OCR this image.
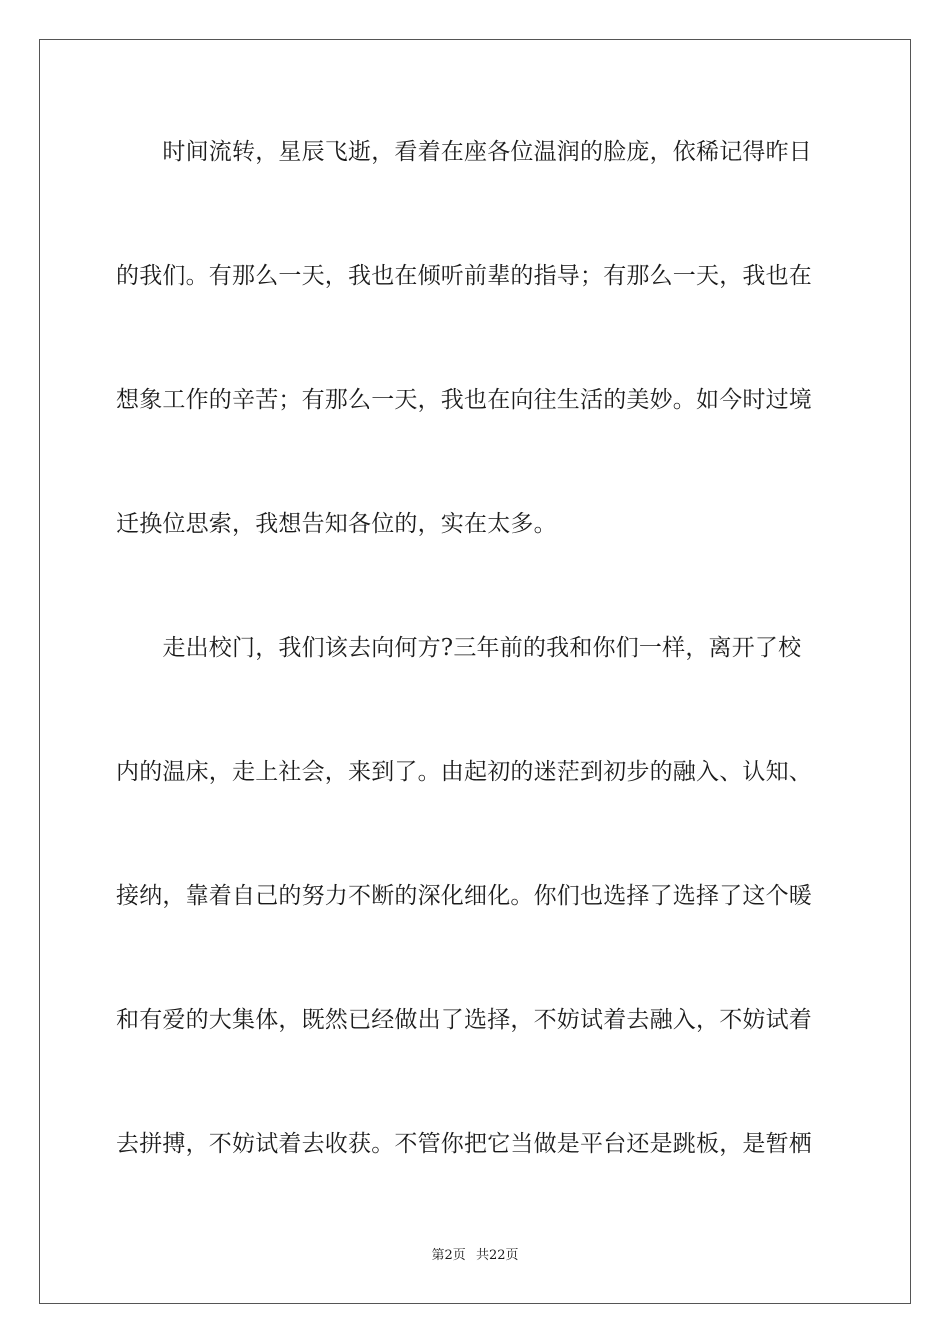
　　时间流转，星辰飞逝，看着在座各位温润的脸庞，依稀记得昨日
的我们。有那么一天，我也在倾听前辈的指导；有那么一天，我也在
想象工作的辛苦；有那么一天，我也在向往生活的美妙。如今时过境
迁换位思索，我想告知各位的，实在太多。
　　走出校门，我们该去向何方?三年前的我和你们一样，离开了校
内的温床，走上社会，来到了。由起初的迷茫到初步的融入、认知、
接纳，靠着自己的努力不断的深化细化。你们也选择了选择了这个暖
和有爱的大集体，既然已经做出了选择，不妨试着去融入，不妨试着
去拼搏，不妨试着去收获。不管你把它当做是平台还是跳板，是暂栖
第2页 共22页
